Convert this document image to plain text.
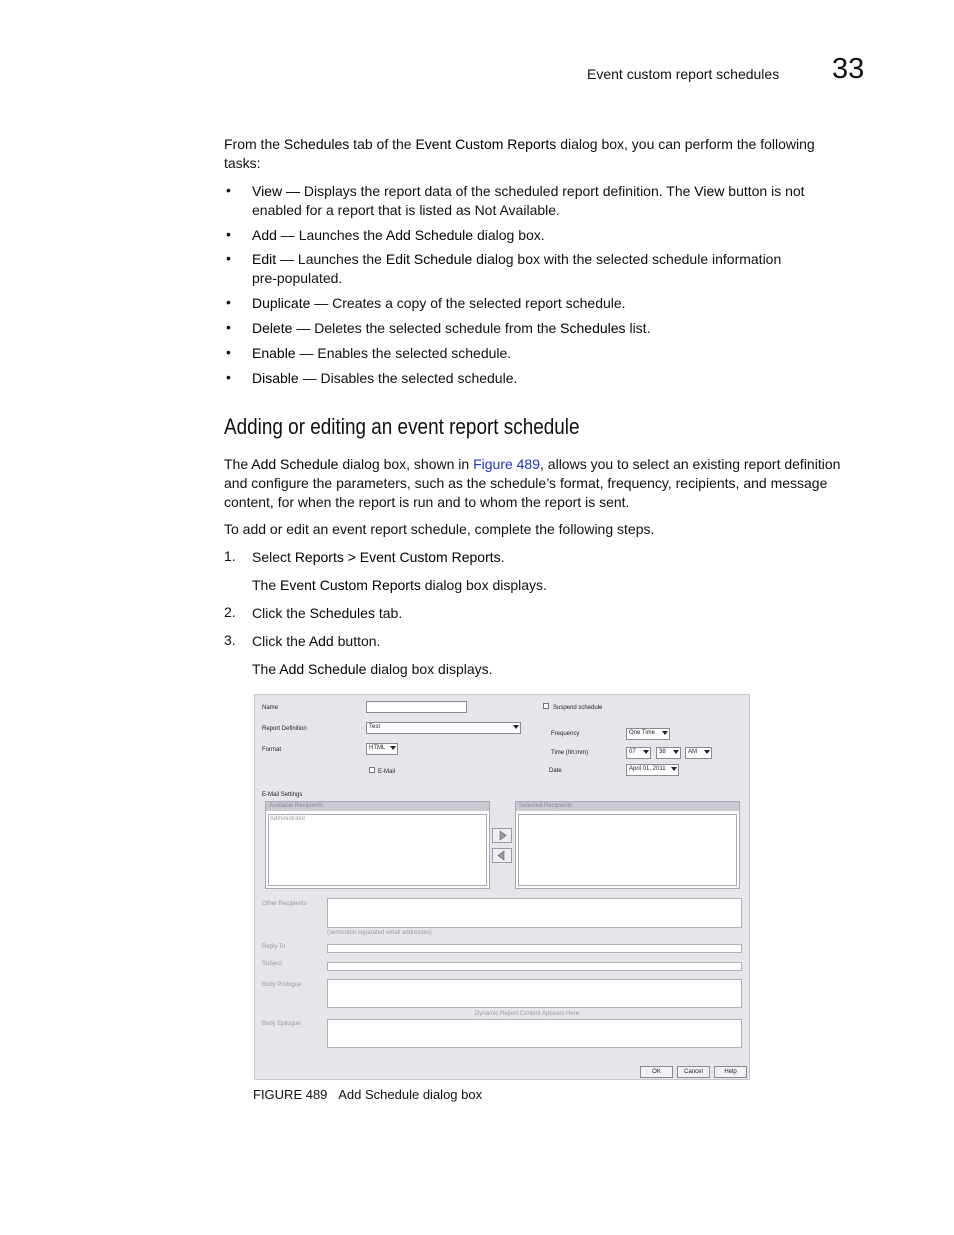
Event custom report schedules 33
From the Schedules tab of the Event Custom Reports dialog box, you can perform the following
tasks:
• View — Displays the report data of the scheduled report definition. The View button is not
enabled for a report that is listed as Not Available.
• Add — Launches the Add Schedule dialog box.
• Edit — Launches the Edit Schedule dialog box with the selected schedule information
pre-populated.
• Duplicate — Creates a copy of the selected report schedule.
• Delete — Deletes the selected schedule from the Schedules list.
• Enable — Enables the selected schedule.
• Disable — Disables the selected schedule.
Adding or editing an event report schedule
The Add Schedule dialog box, shown in Figure 489, allows you to select an existing report definition
and configure the parameters, such as the schedule’s format, frequency, recipients, and message
content, for when the report is run and to whom the report is sent.
To add or edit an event report schedule, complete the following steps.
1. Select Reports > Event Custom Reports.
The Event Custom Reports dialog box displays.
2. Click the Schedules tab.
3. Click the Add button.
The Add Schedule dialog box displays.
Name
Report Definition	Test
Format	HTML
E-Mail
Suspend schedule
Frequency	One Time
Time (hh:mm)	07	38	AM
Date	April 01, 2011
E-Mail Settings
Available Recipients
Administrator
Selected Recipients
Other Recipients
(semicolon separated email addresses)
Reply To
Subject
Body Prologue
Dynamic Report Content Appears Here
Body Epilogue
OK	Cancel	Help
FIGURE 489 Add Schedule dialog box
